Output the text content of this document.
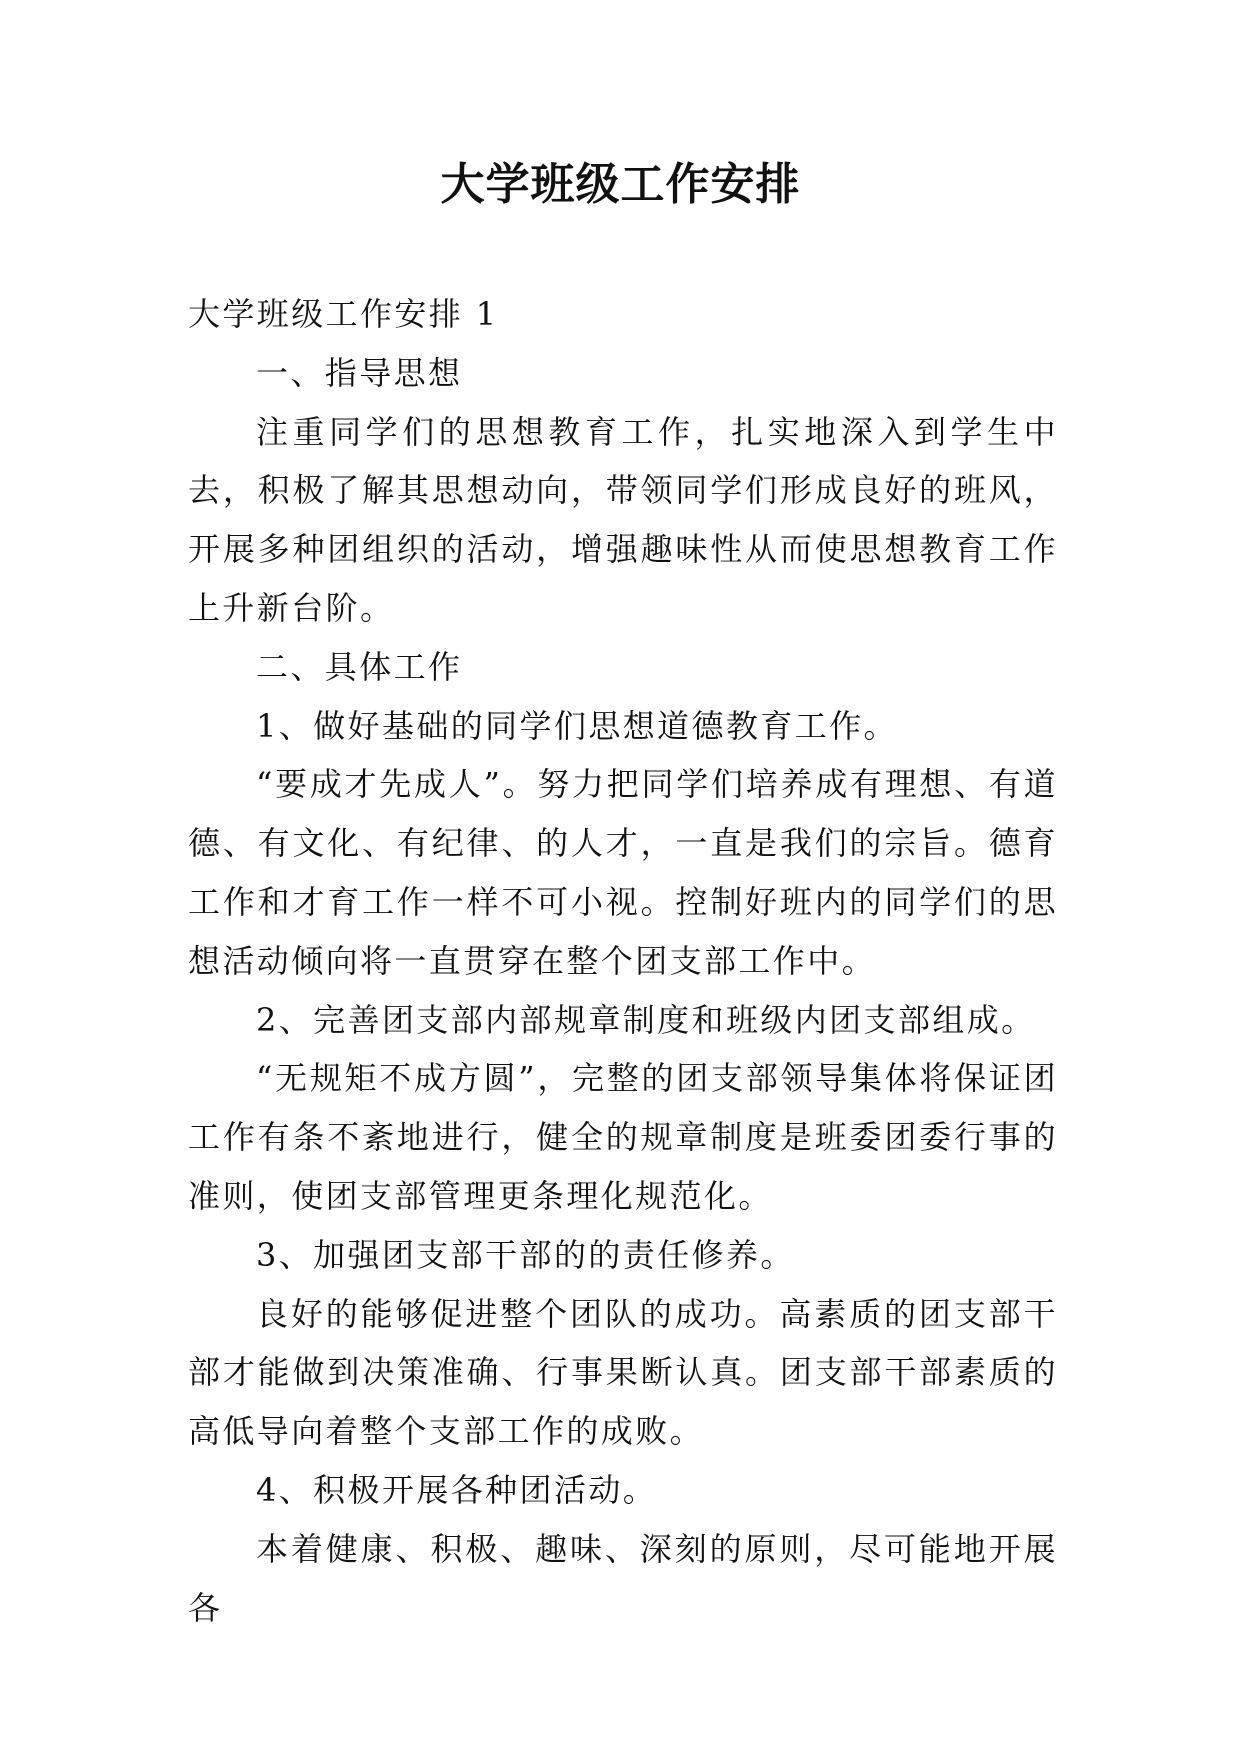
大学班级工作安排

大学班级工作安排 1

一、指导思想

注重同学们的思想教育工作，扎实地深入到学生中去，积极了解其思想动向，带领同学们形成良好的班风，开展多种团组织的活动，增强趣味性从而使思想教育工作上升新台阶。

二、具体工作

1、做好基础的同学们思想道德教育工作。

“要成才先成人”。努力把同学们培养成有理想、有道德、有文化、有纪律、的人才，一直是我们的宗旨。德育工作和才育工作一样不可小视。控制好班内的同学们的思想活动倾向将一直贯穿在整个团支部工作中。

2、完善团支部内部规章制度和班级内团支部组成。

“无规矩不成方圆”，完整的团支部领导集体将保证团工作有条不紊地进行，健全的规章制度是班委团委行事的准则，使团支部管理更条理化规范化。

3、加强团支部干部的的责任修养。

良好的能够促进整个团队的成功。高素质的团支部干部才能做到决策准确、行事果断认真。团支部干部素质的高低导向着整个支部工作的成败。

4、积极开展各种团活动。

本着健康、积极、趣味、深刻的原则，尽可能地开展各
